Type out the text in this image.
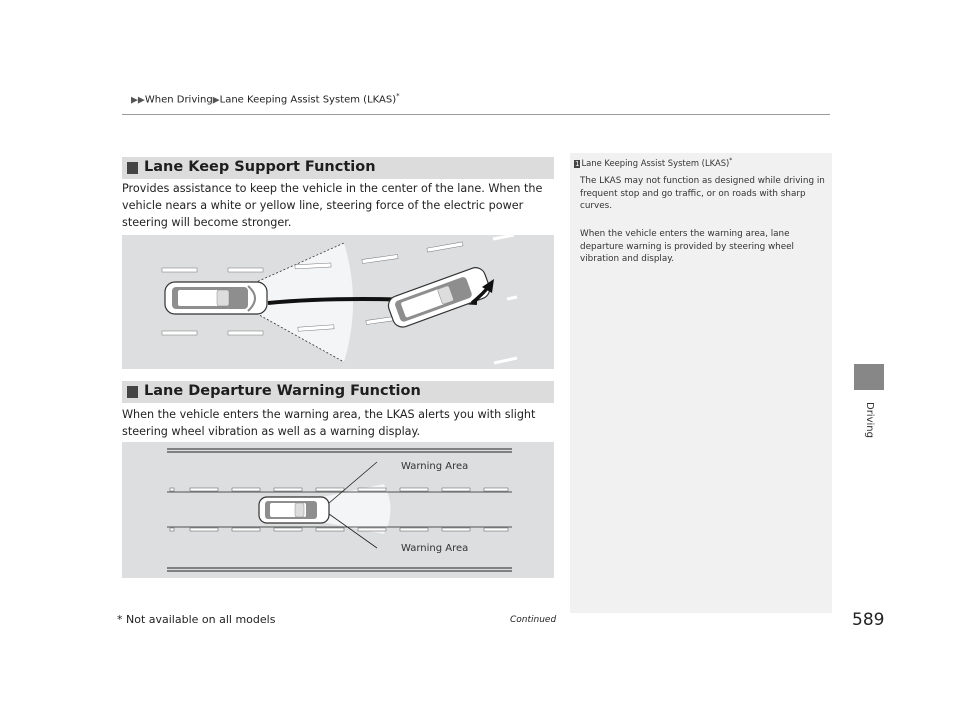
▶▶When Driving▶Lane Keeping Assist System (LKAS)*
Driving
Lane Keep Support Function
Provides assistance to keep the vehicle in the center of the lane. When the vehicle nears a white or yellow line, steering force of the electric power steering will become stronger.
Lane Departure Warning Function
When the vehicle enters the warning area, the LKAS alerts you with slight steering wheel vibration as well as a warning display.
Warning Area
Warning Area
1 Lane Keeping Assist System (LKAS)*
The LKAS may not function as designed while driving in frequent stop and go traffic, or on roads with sharp curves.
When the vehicle enters the warning area, lane departure warning is provided by steering wheel vibration and display.
* Not available on all models	Continued	589
